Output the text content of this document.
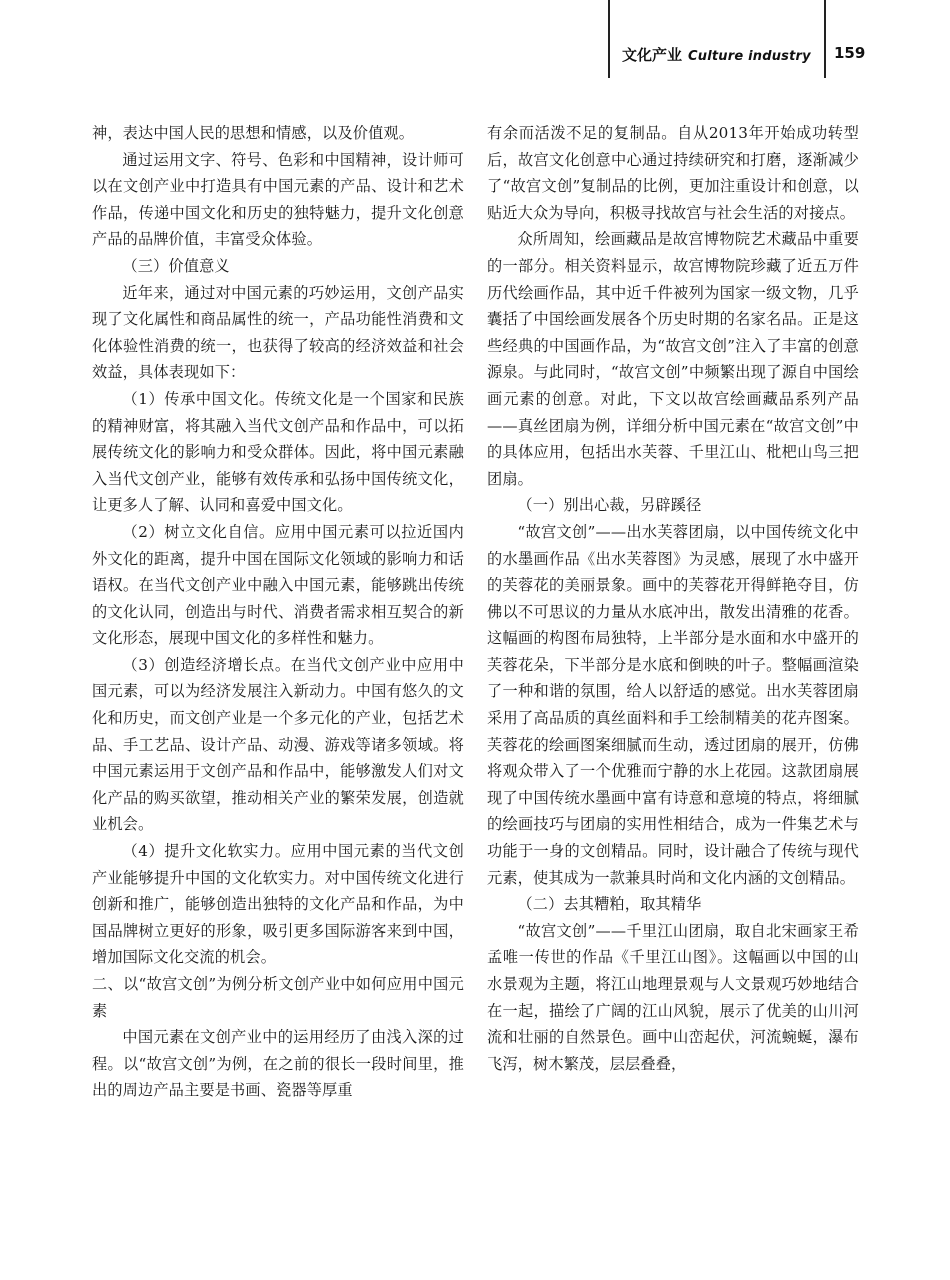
文化产业 Culture industry 159

神，表达中国人民的思想和情感，以及价值观。

通过运用文字、符号、色彩和中国精神，设计师可以在文创产业中打造具有中国元素的产品、设计和艺术作品，传递中国文化和历史的独特魅力，提升文化创意产品的品牌价值，丰富受众体验。

（三）价值意义

近年来，通过对中国元素的巧妙运用，文创产品实现了文化属性和商品属性的统一，产品功能性消费和文化体验性消费的统一，也获得了较高的经济效益和社会效益，具体表现如下：

（1）传承中国文化。传统文化是一个国家和民族的精神财富，将其融入当代文创产品和作品中，可以拓展传统文化的影响力和受众群体。因此，将中国元素融入当代文创产业，能够有效传承和弘扬中国传统文化，让更多人了解、认同和喜爱中国文化。

（2）树立文化自信。应用中国元素可以拉近国内外文化的距离，提升中国在国际文化领域的影响力和话语权。在当代文创产业中融入中国元素，能够跳出传统的文化认同，创造出与时代、消费者需求相互契合的新文化形态，展现中国文化的多样性和魅力。

（3）创造经济增长点。在当代文创产业中应用中国元素，可以为经济发展注入新动力。中国有悠久的文化和历史，而文创产业是一个多元化的产业，包括艺术品、手工艺品、设计产品、动漫、游戏等诸多领域。将中国元素运用于文创产品和作品中，能够激发人们对文化产品的购买欲望，推动相关产业的繁荣发展，创造就业机会。

（4）提升文化软实力。应用中国元素的当代文创产业能够提升中国的文化软实力。对中国传统文化进行创新和推广，能够创造出独特的文化产品和作品，为中国品牌树立更好的形象，吸引更多国际游客来到中国，增加国际文化交流的机会。

二、以“故宫文创”为例分析文创产业中如何应用中国元素

中国元素在文创产业中的运用经历了由浅入深的过程。以“故宫文创”为例，在之前的很长一段时间里，推出的周边产品主要是书画、瓷器等厚重

有余而活泼不足的复制品。自从2013年开始成功转型后，故宫文化创意中心通过持续研究和打磨，逐渐减少了“故宫文创”复制品的比例，更加注重设计和创意，以贴近大众为导向，积极寻找故宫与社会生活的对接点。

众所周知，绘画藏品是故宫博物院艺术藏品中重要的一部分。相关资料显示，故宫博物院珍藏了近五万件历代绘画作品，其中近千件被列为国家一级文物，几乎囊括了中国绘画发展各个历史时期的名家名品。正是这些经典的中国画作品，为“故宫文创”注入了丰富的创意源泉。与此同时，“故宫文创”中频繁出现了源自中国绘画元素的创意。对此，下文以故宫绘画藏品系列产品——真丝团扇为例，详细分析中国元素在“故宫文创”中的具体应用，包括出水芙蓉、千里江山、枇杷山鸟三把团扇。

（一）别出心裁，另辟蹊径

“故宫文创”——出水芙蓉团扇，以中国传统文化中的水墨画作品《出水芙蓉图》为灵感，展现了水中盛开的芙蓉花的美丽景象。画中的芙蓉花开得鲜艳夺目，仿佛以不可思议的力量从水底冲出，散发出清雅的花香。这幅画的构图布局独特，上半部分是水面和水中盛开的芙蓉花朵，下半部分是水底和倒映的叶子。整幅画渲染了一种和谐的氛围，给人以舒适的感觉。出水芙蓉团扇采用了高品质的真丝面料和手工绘制精美的花卉图案。芙蓉花的绘画图案细腻而生动，透过团扇的展开，仿佛将观众带入了一个优雅而宁静的水上花园。这款团扇展现了中国传统水墨画中富有诗意和意境的特点，将细腻的绘画技巧与团扇的实用性相结合，成为一件集艺术与功能于一身的文创精品。同时，设计融合了传统与现代元素，使其成为一款兼具时尚和文化内涵的文创精品。

（二）去其糟粕，取其精华

“故宫文创”——千里江山团扇，取自北宋画家王希孟唯一传世的作品《千里江山图》。这幅画以中国的山水景观为主题，将江山地理景观与人文景观巧妙地结合在一起，描绘了广阔的江山风貌，展示了优美的山川河流和壮丽的自然景色。画中山峦起伏，河流蜿蜒，瀑布飞泻，树木繁茂，层层叠叠，
